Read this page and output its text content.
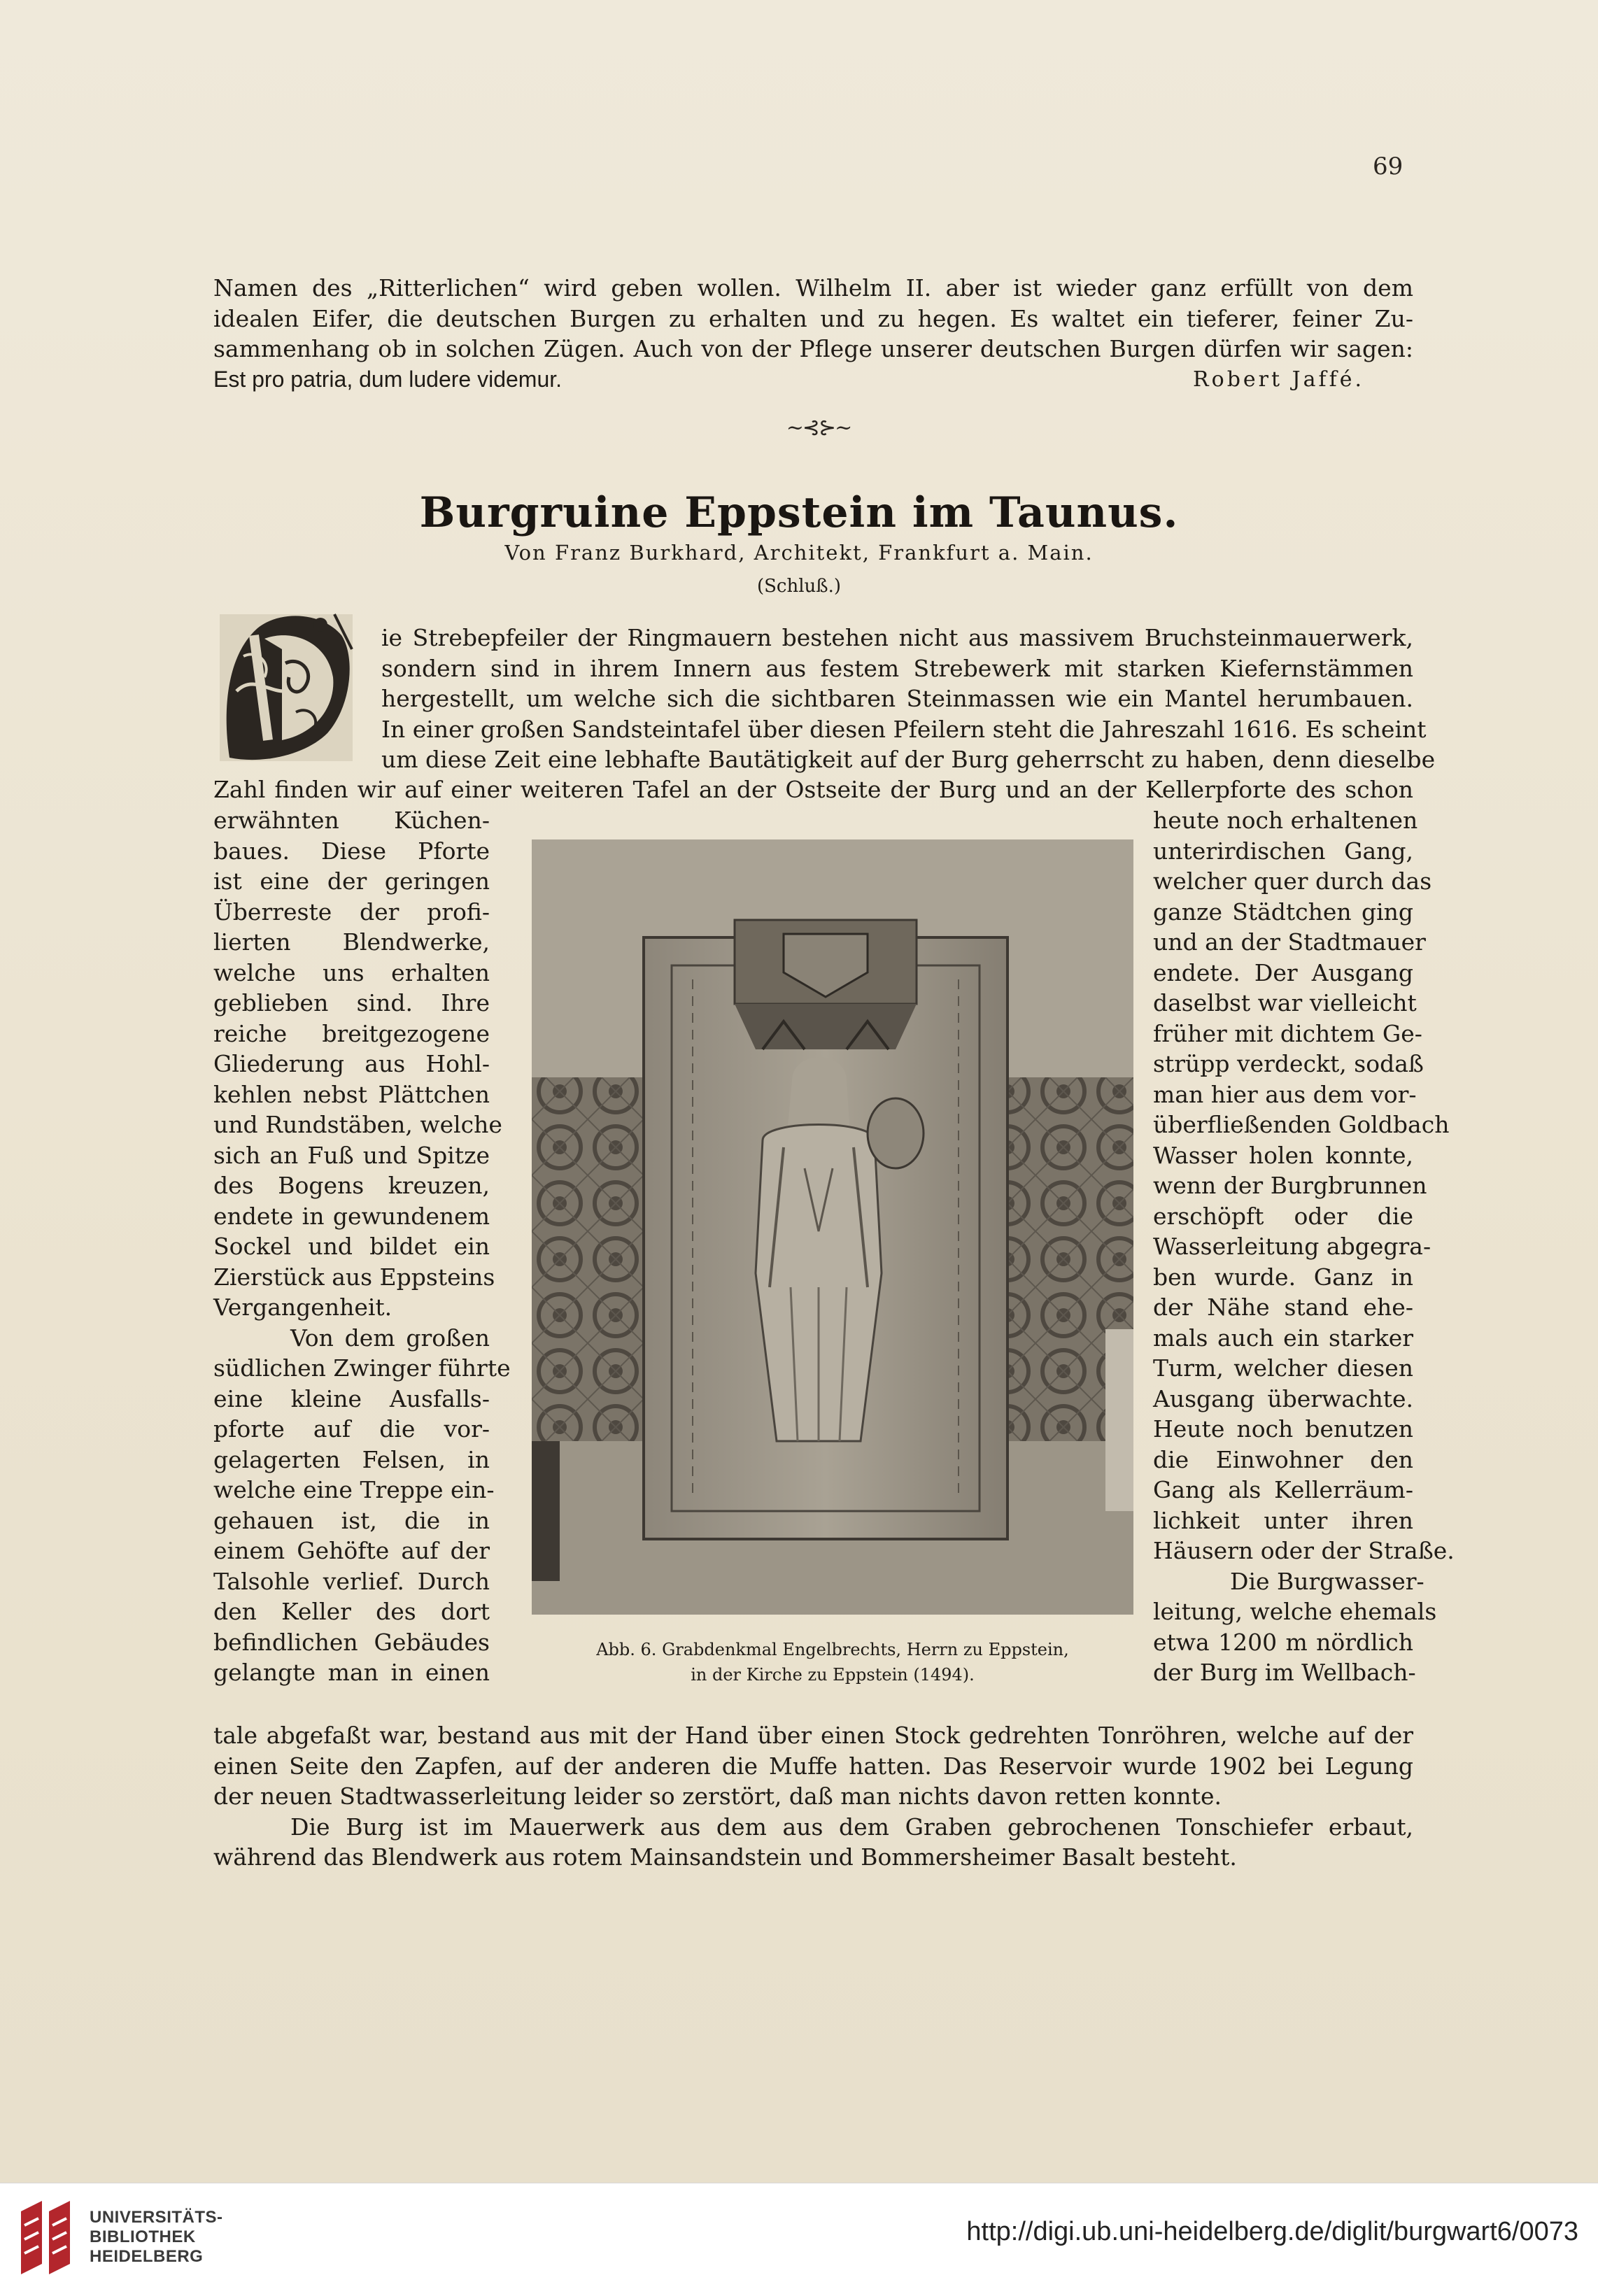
69
Namen des „Ritterlichen“ wird geben wollen. Wilhelm II. aber ist wieder ganz erfüllt von dem
idealen Eifer, die deutschen Burgen zu erhalten und zu hegen. Es waltet ein tieferer, feiner Zu-
sammenhang ob in solchen Zügen. Auch von der Pflege unserer deutschen Burgen dürfen wir sagen:
Est pro patria, dum ludere videmur.	Robert Jaffé.
~⊰⊱~
Burgruine Eppstein im Taunus.
Von Franz Burkhard, Architekt, Frankfurt a. Main.
(Schluß.)
ie Strebepfeiler der Ringmauern bestehen nicht aus massivem Bruchsteinmauerwerk,
sondern sind in ihrem Innern aus festem Strebewerk mit starken Kiefernstämmen
hergestellt, um welche sich die sichtbaren Steinmassen wie ein Mantel herumbauen.
In einer großen Sandsteintafel über diesen Pfeilern steht die Jahreszahl 1616. Es scheint
um diese Zeit eine lebhafte Bautätigkeit auf der Burg geherrscht zu haben, denn dieselbe
Zahl finden wir auf einer weiteren Tafel an der Ostseite der Burg und an der Kellerpforte des schon
erwähnten Küchen-
baues. Diese Pforte
ist eine der geringen
Überreste der profi-
lierten Blendwerke,
welche uns erhalten
geblieben sind. Ihre
reiche breitgezogene
Gliederung aus Hohl-
kehlen nebst Plättchen
und Rundstäben, welche
sich an Fuß und Spitze
des Bogens kreuzen,
endete in gewundenem
Sockel und bildet ein
Zierstück aus Eppsteins
Vergangenheit.
Von dem großen
südlichen Zwinger führte
eine kleine Ausfalls-
pforte auf die vor-
gelagerten Felsen, in
welche eine Treppe ein-
gehauen ist, die in
einem Gehöfte auf der
Talsohle verlief. Durch
den Keller des dort
befindlichen Gebäudes
gelangte man in einen
heute noch erhaltenen
unterirdischen Gang,
welcher quer durch das
ganze Städtchen ging
und an der Stadtmauer
endete. Der Ausgang
daselbst war vielleicht
früher mit dichtem Ge-
strüpp verdeckt, sodaß
man hier aus dem vor-
überfließenden Goldbach
Wasser holen konnte,
wenn der Burgbrunnen
erschöpft oder die
Wasserleitung abgegra-
ben wurde. Ganz in
der Nähe stand ehe-
mals auch ein starker
Turm, welcher diesen
Ausgang überwachte.
Heute noch benutzen
die Einwohner den
Gang als Kellerräum-
lichkeit unter ihren
Häusern oder der Straße.
Die Burgwasser-
leitung, welche ehemals
etwa 1200 m nördlich
der Burg im Wellbach-
Abb. 6. Grabdenkmal Engelbrechts, Herrn zu Eppstein,
in der Kirche zu Eppstein (1494).
tale abgefaßt war, bestand aus mit der Hand über einen Stock gedrehten Tonröhren, welche auf der
einen Seite den Zapfen, auf der anderen die Muffe hatten. Das Reservoir wurde 1902 bei Legung
der neuen Stadtwasserleitung leider so zerstört, daß man nichts davon retten konnte.
Die Burg ist im Mauerwerk aus dem aus dem Graben gebrochenen Tonschiefer erbaut,
während das Blendwerk aus rotem Mainsandstein und Bommersheimer Basalt besteht.
UNIVERSITÄTS-
BIBLIOTHEK
HEIDELBERG
http://digi.ub.uni-heidelberg.de/diglit/burgwart6/0073
